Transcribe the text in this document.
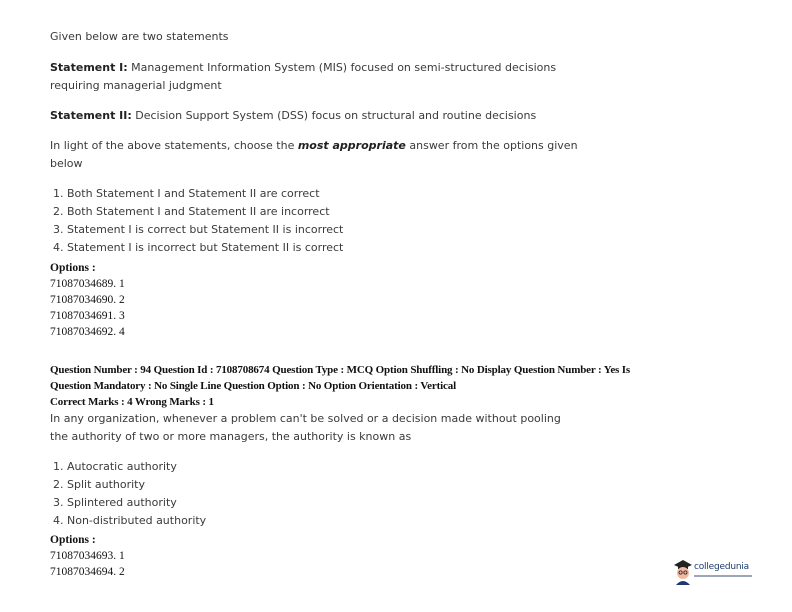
Given below are two statements
Statement I: Management Information System (MIS) focused on semi-structured decisions
requiring managerial judgment
Statement II: Decision Support System (DSS) focus on structural and routine decisions
In light of the above statements, choose the most appropriate answer from the options given
below
1. Both Statement I and Statement II are correct
2. Both Statement I and Statement II are incorrect
3. Statement I is correct but Statement II is incorrect
4. Statement I is incorrect but Statement II is correct
Options :
71087034689. 1
71087034690. 2
71087034691. 3
71087034692. 4
Question Number : 94 Question Id : 7108708674 Question Type : MCQ Option Shuffling : No Display Question Number : Yes Is
Question Mandatory : No Single Line Question Option : No Option Orientation : Vertical
Correct Marks : 4 Wrong Marks : 1
In any organization, whenever a problem can't be solved or a decision made without pooling
the authority of two or more managers, the authority is known as
1. Autocratic authority
2. Split authority
3. Splintered authority
4. Non-distributed authority
Options :
71087034693. 1
71087034694. 2	collegedunia
